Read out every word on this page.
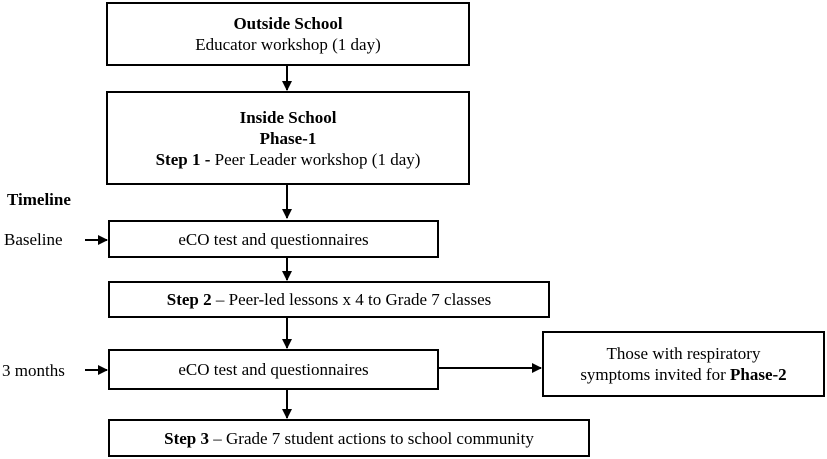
Outside School
Educator workshop (1 day)
Inside School
Phase-1
Step 1 - Peer Leader workshop (1 day)
Timeline
Baseline	eCO test and questionnaires
Step 2 – Peer-led lessons x 4 to Grade 7 classes
3 months	eCO test and questionnaires
Those with respiratory
symptoms invited for Phase-2
Step 3 – Grade 7 student actions to school community
